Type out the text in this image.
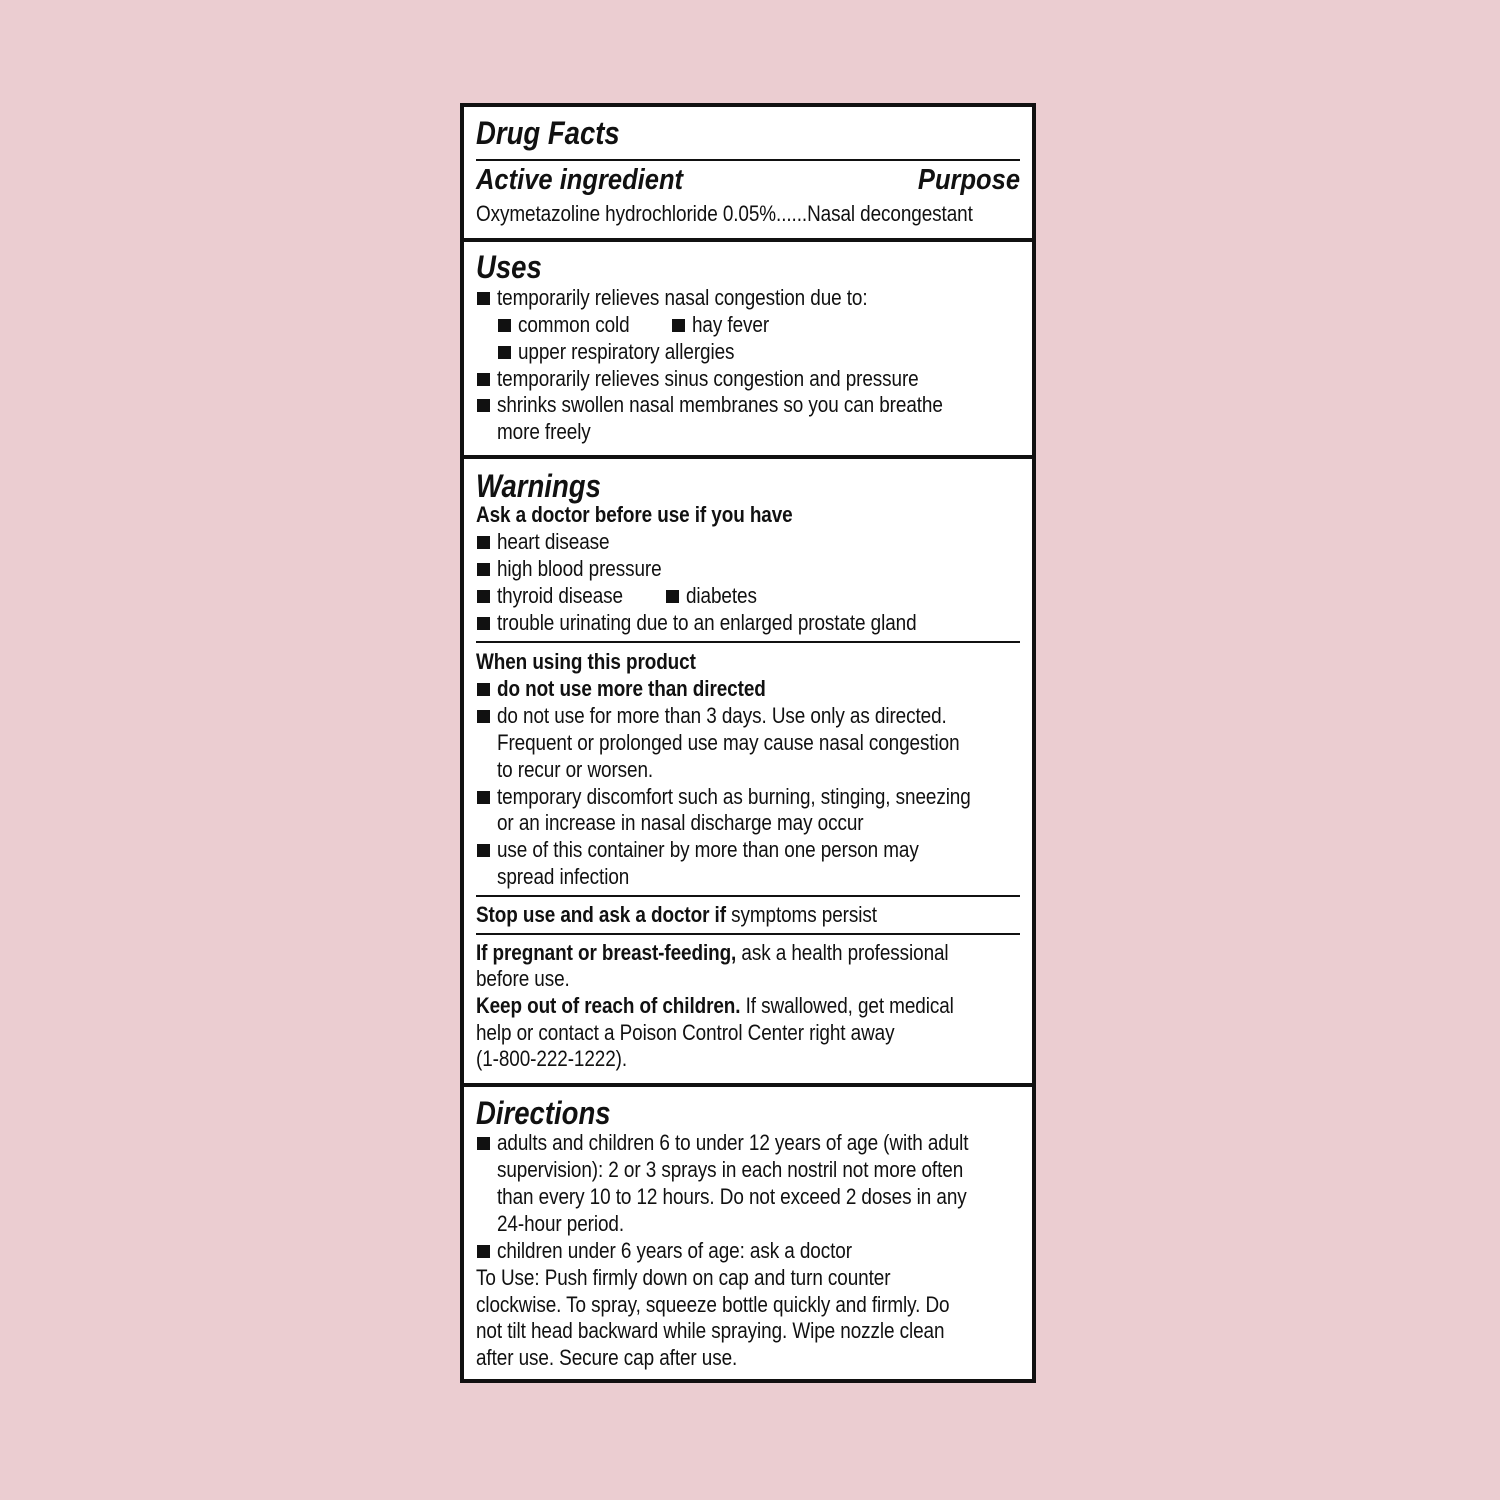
Drug Facts
Active ingredient	Purpose
Oxymetazoline hydrochloride 0.05%......Nasal decongestant
Uses
temporarily relieves nasal congestion due to:
common cold	hay fever
upper respiratory allergies
temporarily relieves sinus congestion and pressure
shrinks swollen nasal membranes so you can breathe
more freely
Warnings
Ask a doctor before use if you have
heart disease
high blood pressure
thyroid disease	diabetes
trouble urinating due to an enlarged prostate gland
When using this product
do not use more than directed
do not use for more than 3 days. Use only as directed.
Frequent or prolonged use may cause nasal congestion
to recur or worsen.
temporary discomfort such as burning, stinging, sneezing
or an increase in nasal discharge may occur
use of this container by more than one person may
spread infection
Stop use and ask a doctor if symptoms persist
If pregnant or breast-feeding, ask a health professional
before use.
Keep out of reach of children. If swallowed, get medical
help or contact a Poison Control Center right away
(1-800-222-1222).
Directions
adults and children 6 to under 12 years of age (with adult
supervision): 2 or 3 sprays in each nostril not more often
than every 10 to 12 hours. Do not exceed 2 doses in any
24-hour period.
children under 6 years of age: ask a doctor
To Use: Push firmly down on cap and turn counter
clockwise. To spray, squeeze bottle quickly and firmly. Do
not tilt head backward while spraying. Wipe nozzle clean
after use. Secure cap after use.
